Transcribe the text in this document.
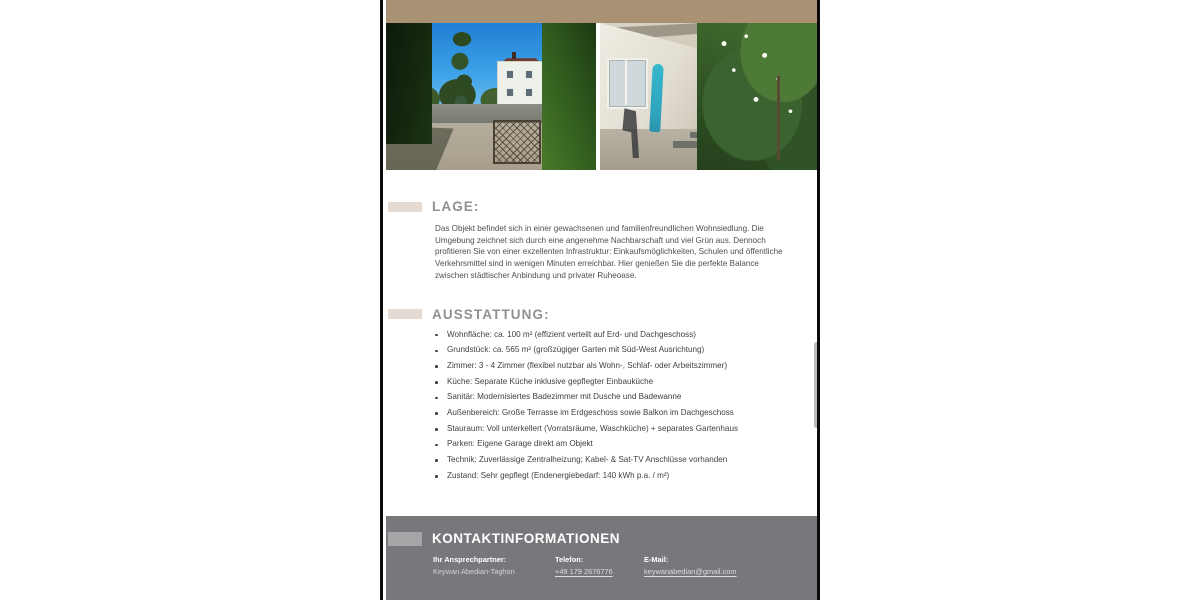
LAGE:

Das Objekt befindet sich in einer gewachsenen und familienfreundlichen Wohnsiedlung. Die Umgebung zeichnet sich durch eine angenehme Nachbarschaft und viel Grün aus. Dennoch profitieren Sie von einer exzellenten Infrastruktur: Einkaufsmöglichkeiten, Schulen und öffentliche Verkehrsmittel sind in wenigen Minuten erreichbar. Hier genießen Sie die perfekte Balance zwischen städtischer Anbindung und privater Ruheoase.

AUSSTATTUNG:
Wohnfläche: ca. 100 m² (effizient verteilt auf Erd- und Dachgeschoss)
Grundstück: ca. 565 m² (großzügiger Garten mit Süd-West Ausrichtung)
Zimmer: 3 - 4 Zimmer (flexibel nutzbar als Wohn-, Schlaf- oder Arbeitszimmer)
Küche: Separate Küche inklusive gepflegter Einbauküche
Sanitär: Modernisiertes Badezimmer mit Dusche und Badewanne
Außenbereich: Große Terrasse im Erdgeschoss sowie Balkon im Dachgeschoss
Stauraum: Voll unterkellert (Vorratsräume, Waschküche) + separates Gartenhaus
Parken: Eigene Garage direkt am Objekt
Technik: Zuverlässige Zentralheizung; Kabel- & Sat-TV Anschlüsse vorhanden
Zustand: Sehr gepflegt (Endenergiebedarf: 140 kWh p.a. / m²)
KONTAKTINFORMATIONEN
Ihr Ansprechpartner:
Keywan Abedian-Taghon
Telefon:
+49 179 2676776
E-Mail:
keywanabedian@gmail.com
